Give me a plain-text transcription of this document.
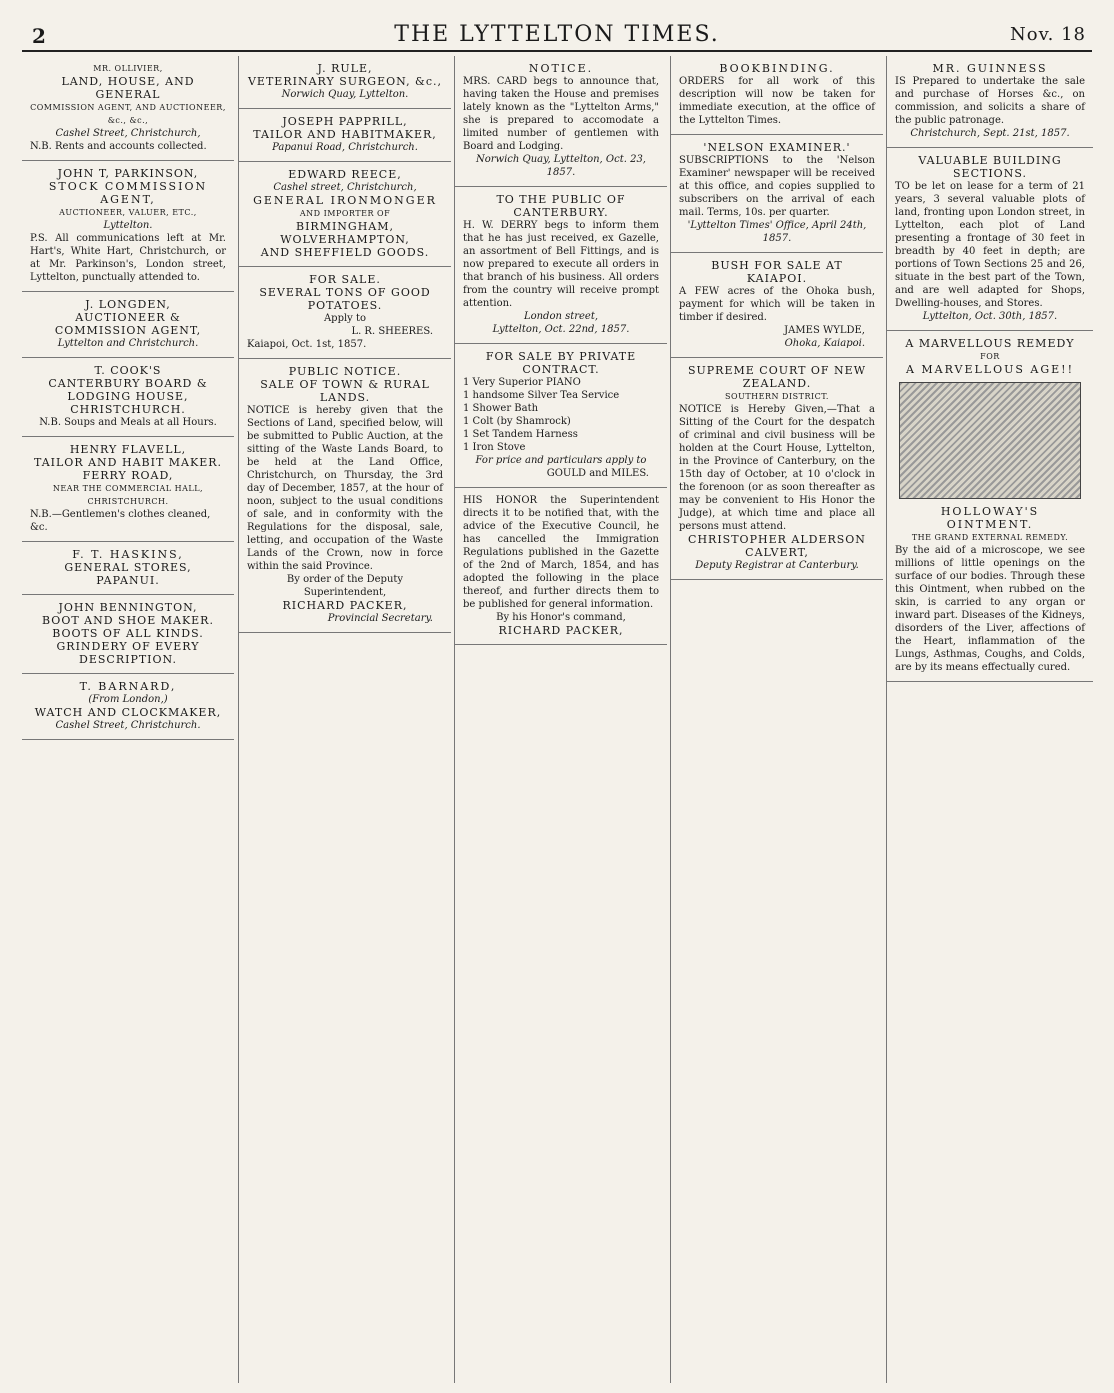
2	THE LYTTELTON TIMES.	Nov. 18
MR. OLLIVIER,
LAND, HOUSE, AND GENERAL
COMMISSION AGENT, AND AUCTIONEER, &c., &c.,
Cashel Street, Christchurch,
N.B. Rents and accounts collected.
JOHN T, PARKINSON,
STOCK COMMISSION AGENT,
AUCTIONEER, VALUER, ETC.,
Lyttelton.
P.S. All communications left at Mr. Hart's, White Hart, Christchurch, or at Mr. Parkinson's, London street, Lyttelton, punctually attended to.
J. LONGDEN,
AUCTIONEER & COMMISSION AGENT,
Lyttelton and Christchurch.
T. COOK'S
CANTERBURY BOARD & LODGING HOUSE,
CHRISTCHURCH.
N.B. Soups and Meals at all Hours.
HENRY FLAVELL,
TAILOR AND HABIT MAKER.
FERRY ROAD,
NEAR THE COMMERCIAL HALL,
CHRISTCHURCH.
N.B.—Gentlemen's clothes cleaned, &c.
F. T. HASKINS,
GENERAL STORES,
PAPANUI.
JOHN BENNINGTON,
BOOT AND SHOE MAKER.
BOOTS OF ALL KINDS.
GRINDERY OF EVERY DESCRIPTION.
T. BARNARD,
(From London,)
WATCH AND CLOCKMAKER,
Cashel Street, Christchurch.
J. RULE,
VETERINARY SURGEON, &c.,
Norwich Quay, Lyttelton.
JOSEPH PAPPRILL,
TAILOR AND HABITMAKER,
Papanui Road, Christchurch.
EDWARD REECE,
Cashel street, Christchurch,
GENERAL IRONMONGER
AND IMPORTER OF
BIRMINGHAM, WOLVERHAMPTON,
AND SHEFFIELD GOODS.
FOR SALE.
SEVERAL TONS OF GOOD POTATOES.
Apply to
L. R. SHEERES.
Kaiapoi, Oct. 1st, 1857.
PUBLIC NOTICE.
SALE OF TOWN & RURAL LANDS.
NOTICE is hereby given that the Sections of Land, specified below, will be submitted to Public Auction, at the sitting of the Waste Lands Board, to be held at the Land Office, Christchurch, on Thursday, the 3rd day of December, 1857, at the hour of noon, subject to the usual conditions of sale, and in conformity with the Regulations for the disposal, sale, letting, and occupation of the Waste Lands of the Crown, now in force within the said Province.
By order of the Deputy Superintendent,
RICHARD PACKER,
Provincial Secretary.
NOTICE.
MRS. CARD begs to announce that, having taken the House and premises lately known as the "Lyttelton Arms," she is prepared to accomodate a limited number of gentlemen with Board and Lodging.
Norwich Quay, Lyttelton, Oct. 23, 1857.
TO THE PUBLIC OF CANTERBURY.
H. W. DERRY begs to inform them that he has just received, ex Gazelle, an assortment of Bell Fittings, and is now prepared to execute all orders in that branch of his business. All orders from the country will receive prompt attention.
London street,
Lyttelton, Oct. 22nd, 1857.
FOR SALE BY PRIVATE CONTRACT.
1 Very Superior PIANO
1 handsome Silver Tea Service
1 Shower Bath
1 Colt (by Shamrock)
1 Set Tandem Harness
1 Iron Stove
For price and particulars apply to
GOULD and MILES.
HIS HONOR the Superintendent directs it to be notified that, with the advice of the Executive Council, he has cancelled the Immigration Regulations published in the Gazette of the 2nd of March, 1854, and has adopted the following in the place thereof, and further directs them to be published for general information.
By his Honor's command,
RICHARD PACKER,
BOOKBINDING.
ORDERS for all work of this description will now be taken for immediate execution, at the office of the Lyttelton Times.
'NELSON EXAMINER.'
SUBSCRIPTIONS to the 'Nelson Examiner' newspaper will be received at this office, and copies supplied to subscribers on the arrival of each mail. Terms, 10s. per quarter.
'Lyttelton Times' Office, April 24th, 1857.
BUSH FOR SALE AT KAIAPOI.
A FEW acres of the Ohoka bush, payment for which will be taken in timber if desired.
JAMES WYLDE,
Ohoka, Kaiapoi.
SUPREME COURT OF NEW ZEALAND.
SOUTHERN DISTRICT.
NOTICE is Hereby Given,—That a Sitting of the Court for the despatch of criminal and civil business will be holden at the Court House, Lyttelton, in the Province of Canterbury, on the 15th day of October, at 10 o'clock in the forenoon (or as soon thereafter as may be convenient to His Honor the Judge), at which time and place all persons must attend.
CHRISTOPHER ALDERSON CALVERT,
Deputy Registrar at Canterbury.
MR. GUINNESS
IS Prepared to undertake the sale and purchase of Horses &c., on commission, and solicits a share of the public patronage.
Christchurch, Sept. 21st, 1857.
VALUABLE BUILDING SECTIONS.
TO be let on lease for a term of 21 years, 3 several valuable plots of land, fronting upon London street, in Lyttelton, each plot of Land presenting a frontage of 30 feet in breadth by 40 feet in depth; are portions of Town Sections 25 and 26, situate in the best part of the Town, and are well adapted for Shops, Dwelling-houses, and Stores.
Lyttelton, Oct. 30th, 1857.
A MARVELLOUS REMEDY
FOR
A MARVELLOUS AGE!!
HOLLOWAY'S OINTMENT.
THE GRAND EXTERNAL REMEDY.
By the aid of a microscope, we see millions of little openings on the surface of our bodies. Through these this Ointment, when rubbed on the skin, is carried to any organ or inward part. Diseases of the Kidneys, disorders of the Liver, affections of the Heart, inflammation of the Lungs, Asthmas, Coughs, and Colds, are by its means effectually cured.
